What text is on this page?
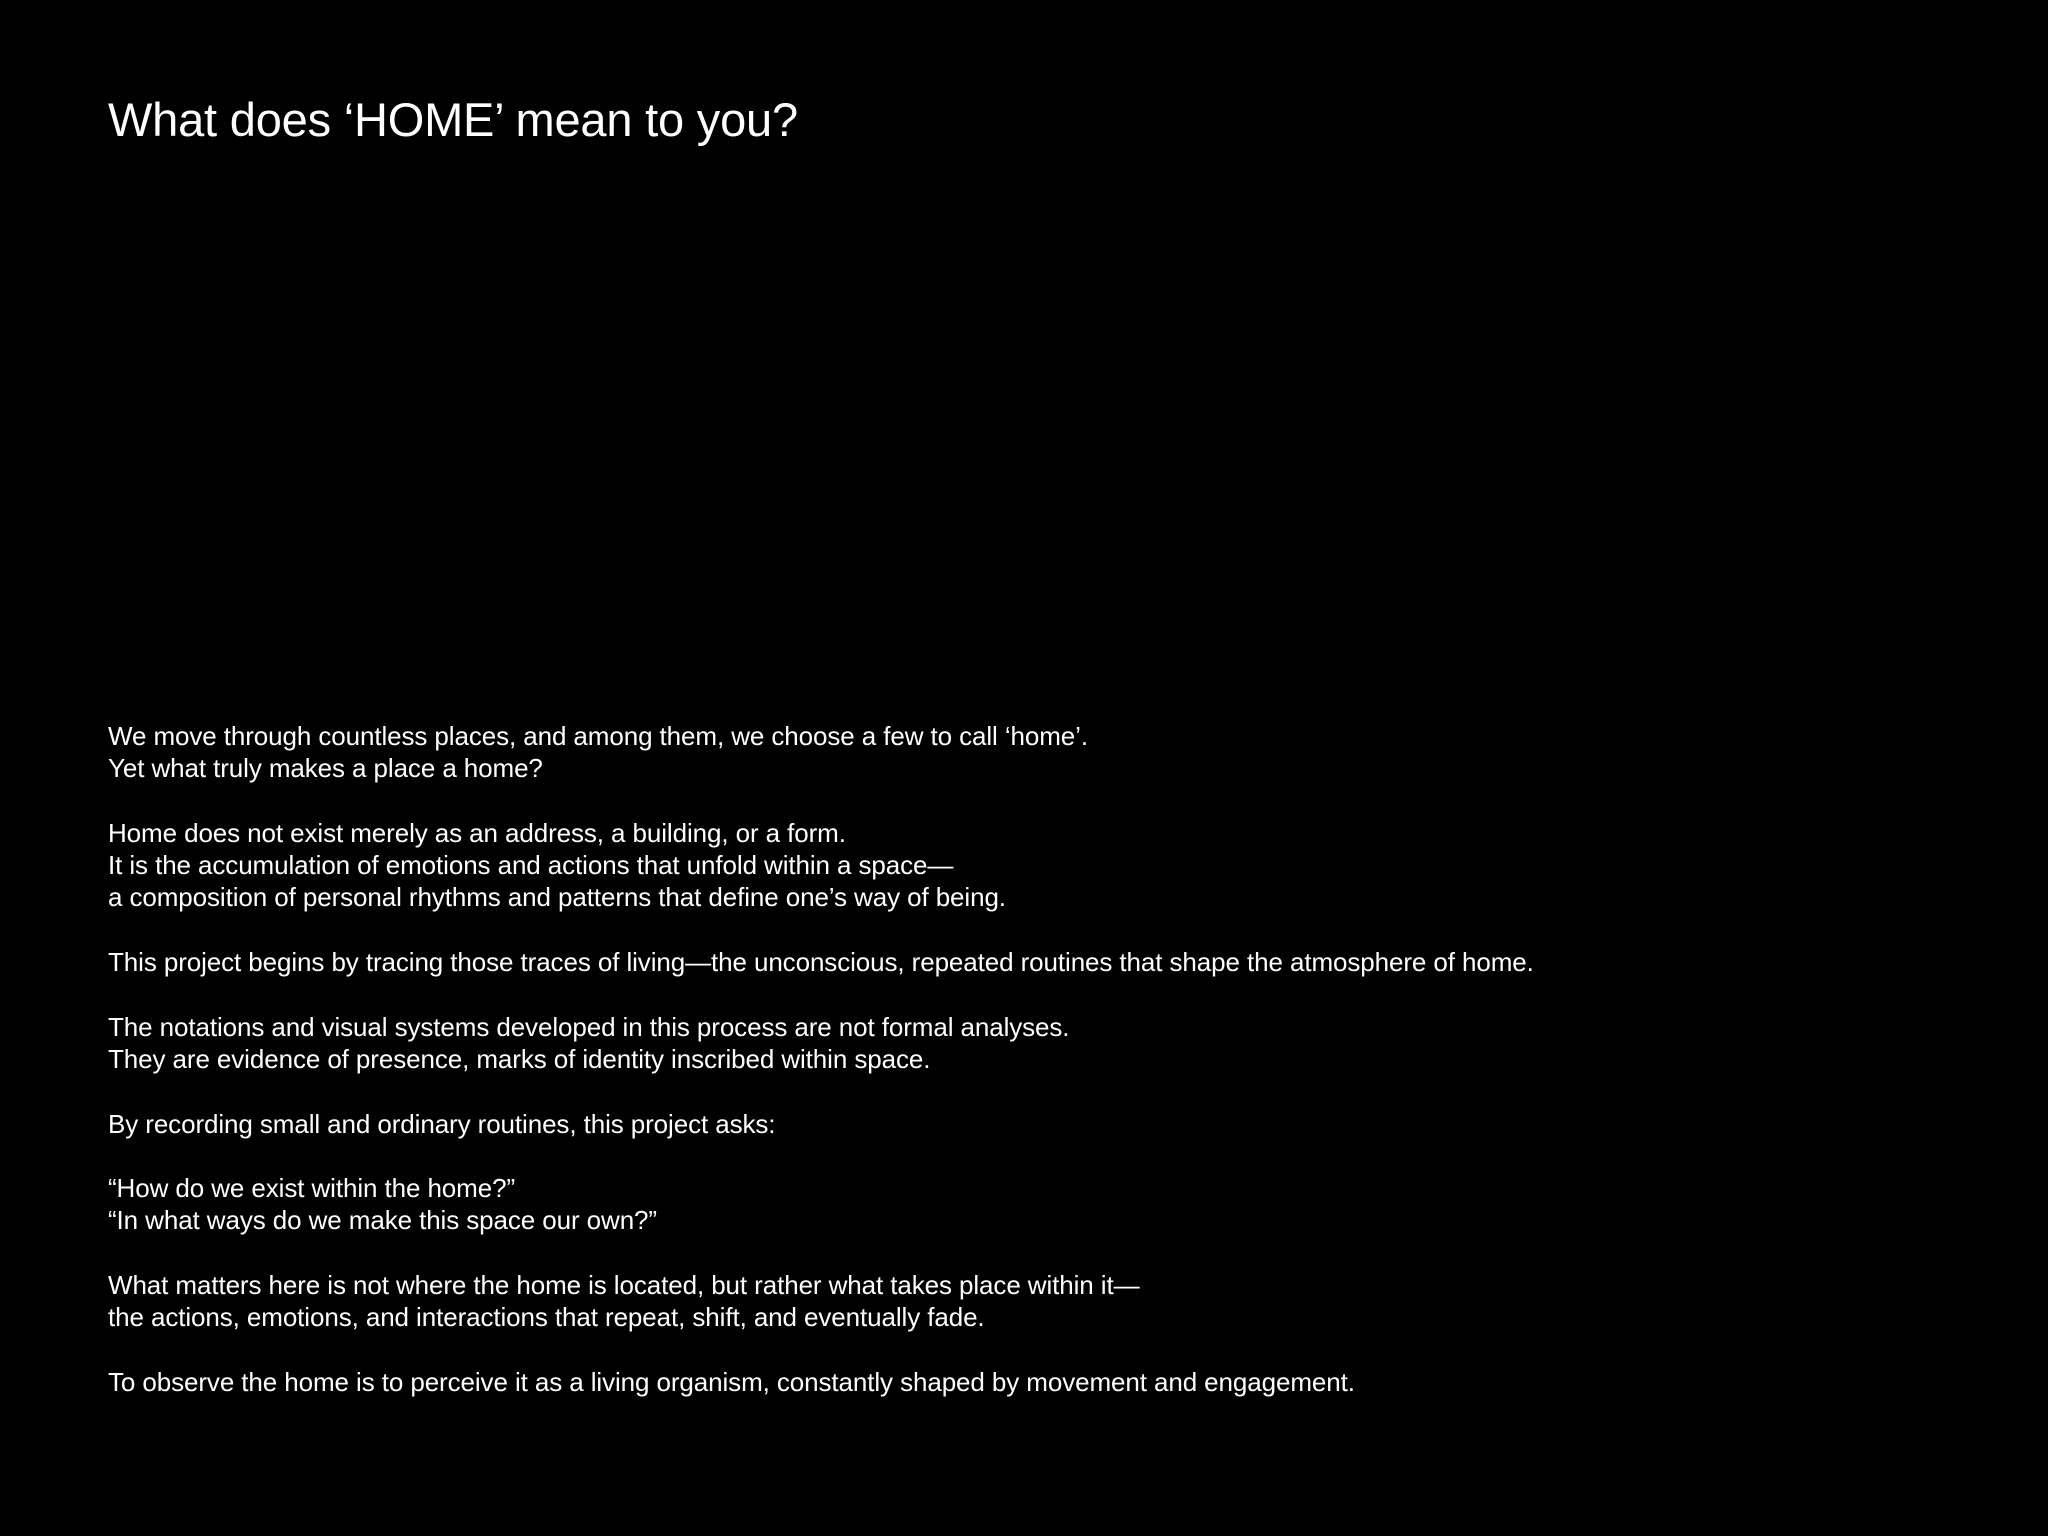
What does ‘HOME’ mean to you?

We move through countless places, and among them, we choose a few to call ‘home’.
Yet what truly makes a place a home?

Home does not exist merely as an address, a building, or a form.
It is the accumulation of emotions and actions that unfold within a space—
a composition of personal rhythms and patterns that define one’s way of being.

This project begins by tracing those traces of living—the unconscious, repeated routines that shape the atmosphere of home.

The notations and visual systems developed in this process are not formal analyses.
They are evidence of presence, marks of identity inscribed within space.

By recording small and ordinary routines, this project asks:

“How do we exist within the home?”
“In what ways do we make this space our own?”

What matters here is not where the home is located, but rather what takes place within it—
the actions, emotions, and interactions that repeat, shift, and eventually fade.

To observe the home is to perceive it as a living organism, constantly shaped by movement and engagement.
